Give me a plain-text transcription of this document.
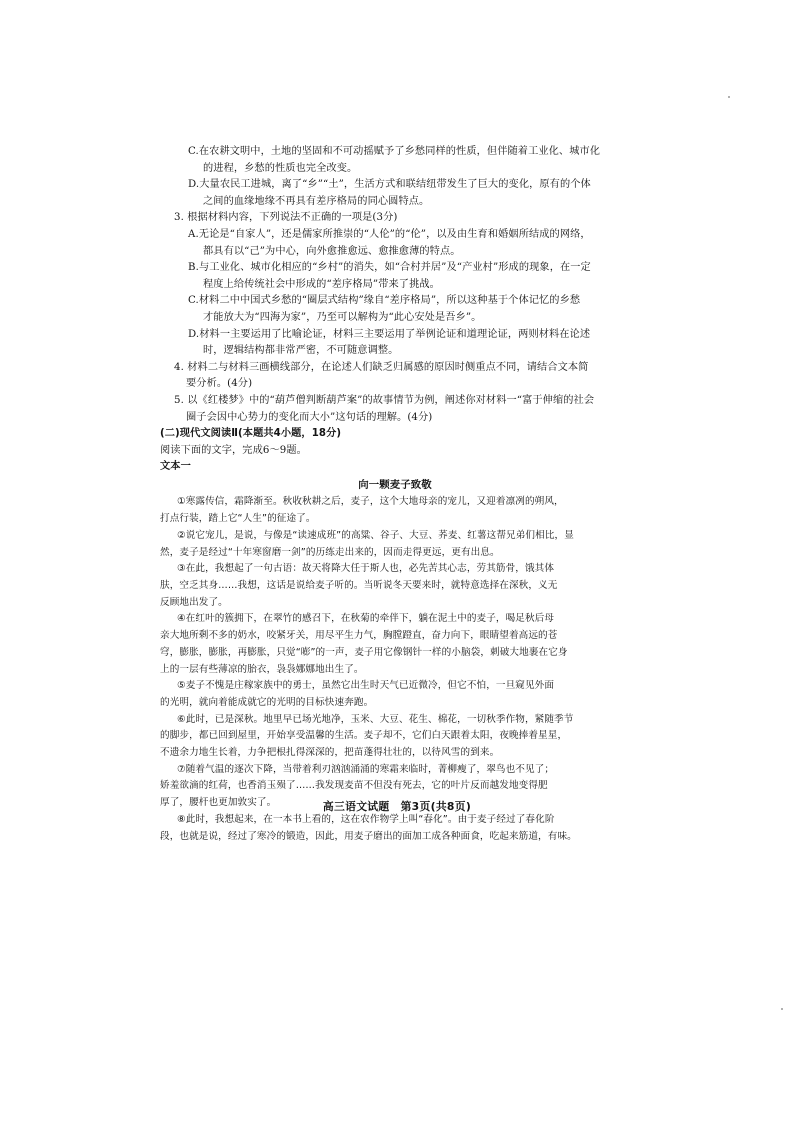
C.在农耕文明中，土地的坚固和不可动摇赋予了乡愁同样的性质，但伴随着工业化、城市化

的进程，乡愁的性质也完全改变。

D.大量农民工进城，离了“乡”“土”，生活方式和联结纽带发生了巨大的变化，原有的个体

之间的血缘地缘不再具有差序格局的同心圆特点。

3. 根据材料内容，下列说法不正确的一项是(3分)

A.无论是“自家人”，还是儒家所推崇的“人伦”的“伦”，以及由生育和婚姻所结成的网络，

都具有以“己”为中心，向外愈推愈远、愈推愈薄的特点。

B.与工业化、城市化相应的“乡村”的消失，如“合村并居”及“产业村”形成的现象，在一定

程度上给传统社会中形成的“差序格局”带来了挑战。

C.材料二中中国式乡愁的“圈层式结构”缘自“差序格局”，所以这种基于个体记忆的乡愁

才能放大为“四海为家”，乃至可以解构为“此心安处是吾乡”。

D.材料一主要运用了比喻论证，材料三主要运用了举例论证和道理论证，两则材料在论述

时，逻辑结构都非常严密，不可随意调整。

4. 材料二与材料三画横线部分，在论述人们缺乏归属感的原因时侧重点不同，请结合文本简

要分析。(4分)

5. 以《红楼梦》中的“葫芦僧判断葫芦案”的故事情节为例，阐述你对材料一“富于伸缩的社会

圈子会因中心势力的变化而大小”这句话的理解。(4分)

(二)现代文阅读Ⅱ(本题共4小题，18分)

阅读下面的文字，完成6～9题。

文本一

向一颗麦子致敬

①寒露传信，霜降渐至。秋收秋耕之后，麦子，这个大地母亲的宠儿，又迎着凛冽的朔风，

打点行装，踏上它“人生”的征途了。

②说它宠儿，是说，与像是“读速成班”的高粱、谷子、大豆、荞麦、红薯这帮兄弟们相比，显

然，麦子是经过“十年寒窗磨一剑”的历练走出来的，因而走得更远，更有出息。

③在此，我想起了一句古语：故天将降大任于斯人也，必先苦其心志，劳其筋骨，饿其体

肤，空乏其身……我想，这话是说给麦子听的。当听说冬天要来时，就特意选择在深秋，义无

反顾地出发了。

④在红叶的簇拥下，在翠竹的感召下，在秋菊的牵伴下，躺在泥土中的麦子，喝足秋后母

亲大地所剩不多的奶水，咬紧牙关，用尽平生力气，胸膛蹬直，奋力向下，眼睛望着高远的苍

穹，膨胀，膨胀，再膨胀，只觉“嘭”的一声，麦子用它像钢针一样的小脑袋，刺破大地裹在它身

上的一层有些薄凉的胎衣，袅袅娜娜地出生了。

⑤麦子不愧是庄稼家族中的勇士，虽然它出生时天气已近微冷，但它不怕，一旦窥见外面

的光明，就向着能成就它的光明的目标快速奔跑。

⑥此时，已是深秋。地里早已场光地净，玉米、大豆、花生、棉花，一切秋季作物，紧随季节

的脚步，都已回到屋里，开始享受温馨的生活。麦子却不，它们白天跟着太阳，夜晚捧着星星，

不遗余力地生长着，力争把根扎得深深的，把苗蓬得壮壮的，以待风雪的到来。

⑦随着气温的逐次下降，当带着利刃汹汹涌涌的寒霜来临时，菁柳瘦了，翠鸟也不见了；

娇羞欲滴的红荷，也香消玉殒了……我发现麦苗不但没有死去，它的叶片反而越发地变得肥

厚了，腰杆也更加敦实了。

⑧此时，我想起来，在一本书上看的，这在农作物学上叫“春化”。由于麦子经过了春化阶

段，也就是说，经过了寒冷的锻造，因此，用麦子磨出的面加工成各种面食，吃起来筋道，有味。

高三语文试题　第3页(共8页)
